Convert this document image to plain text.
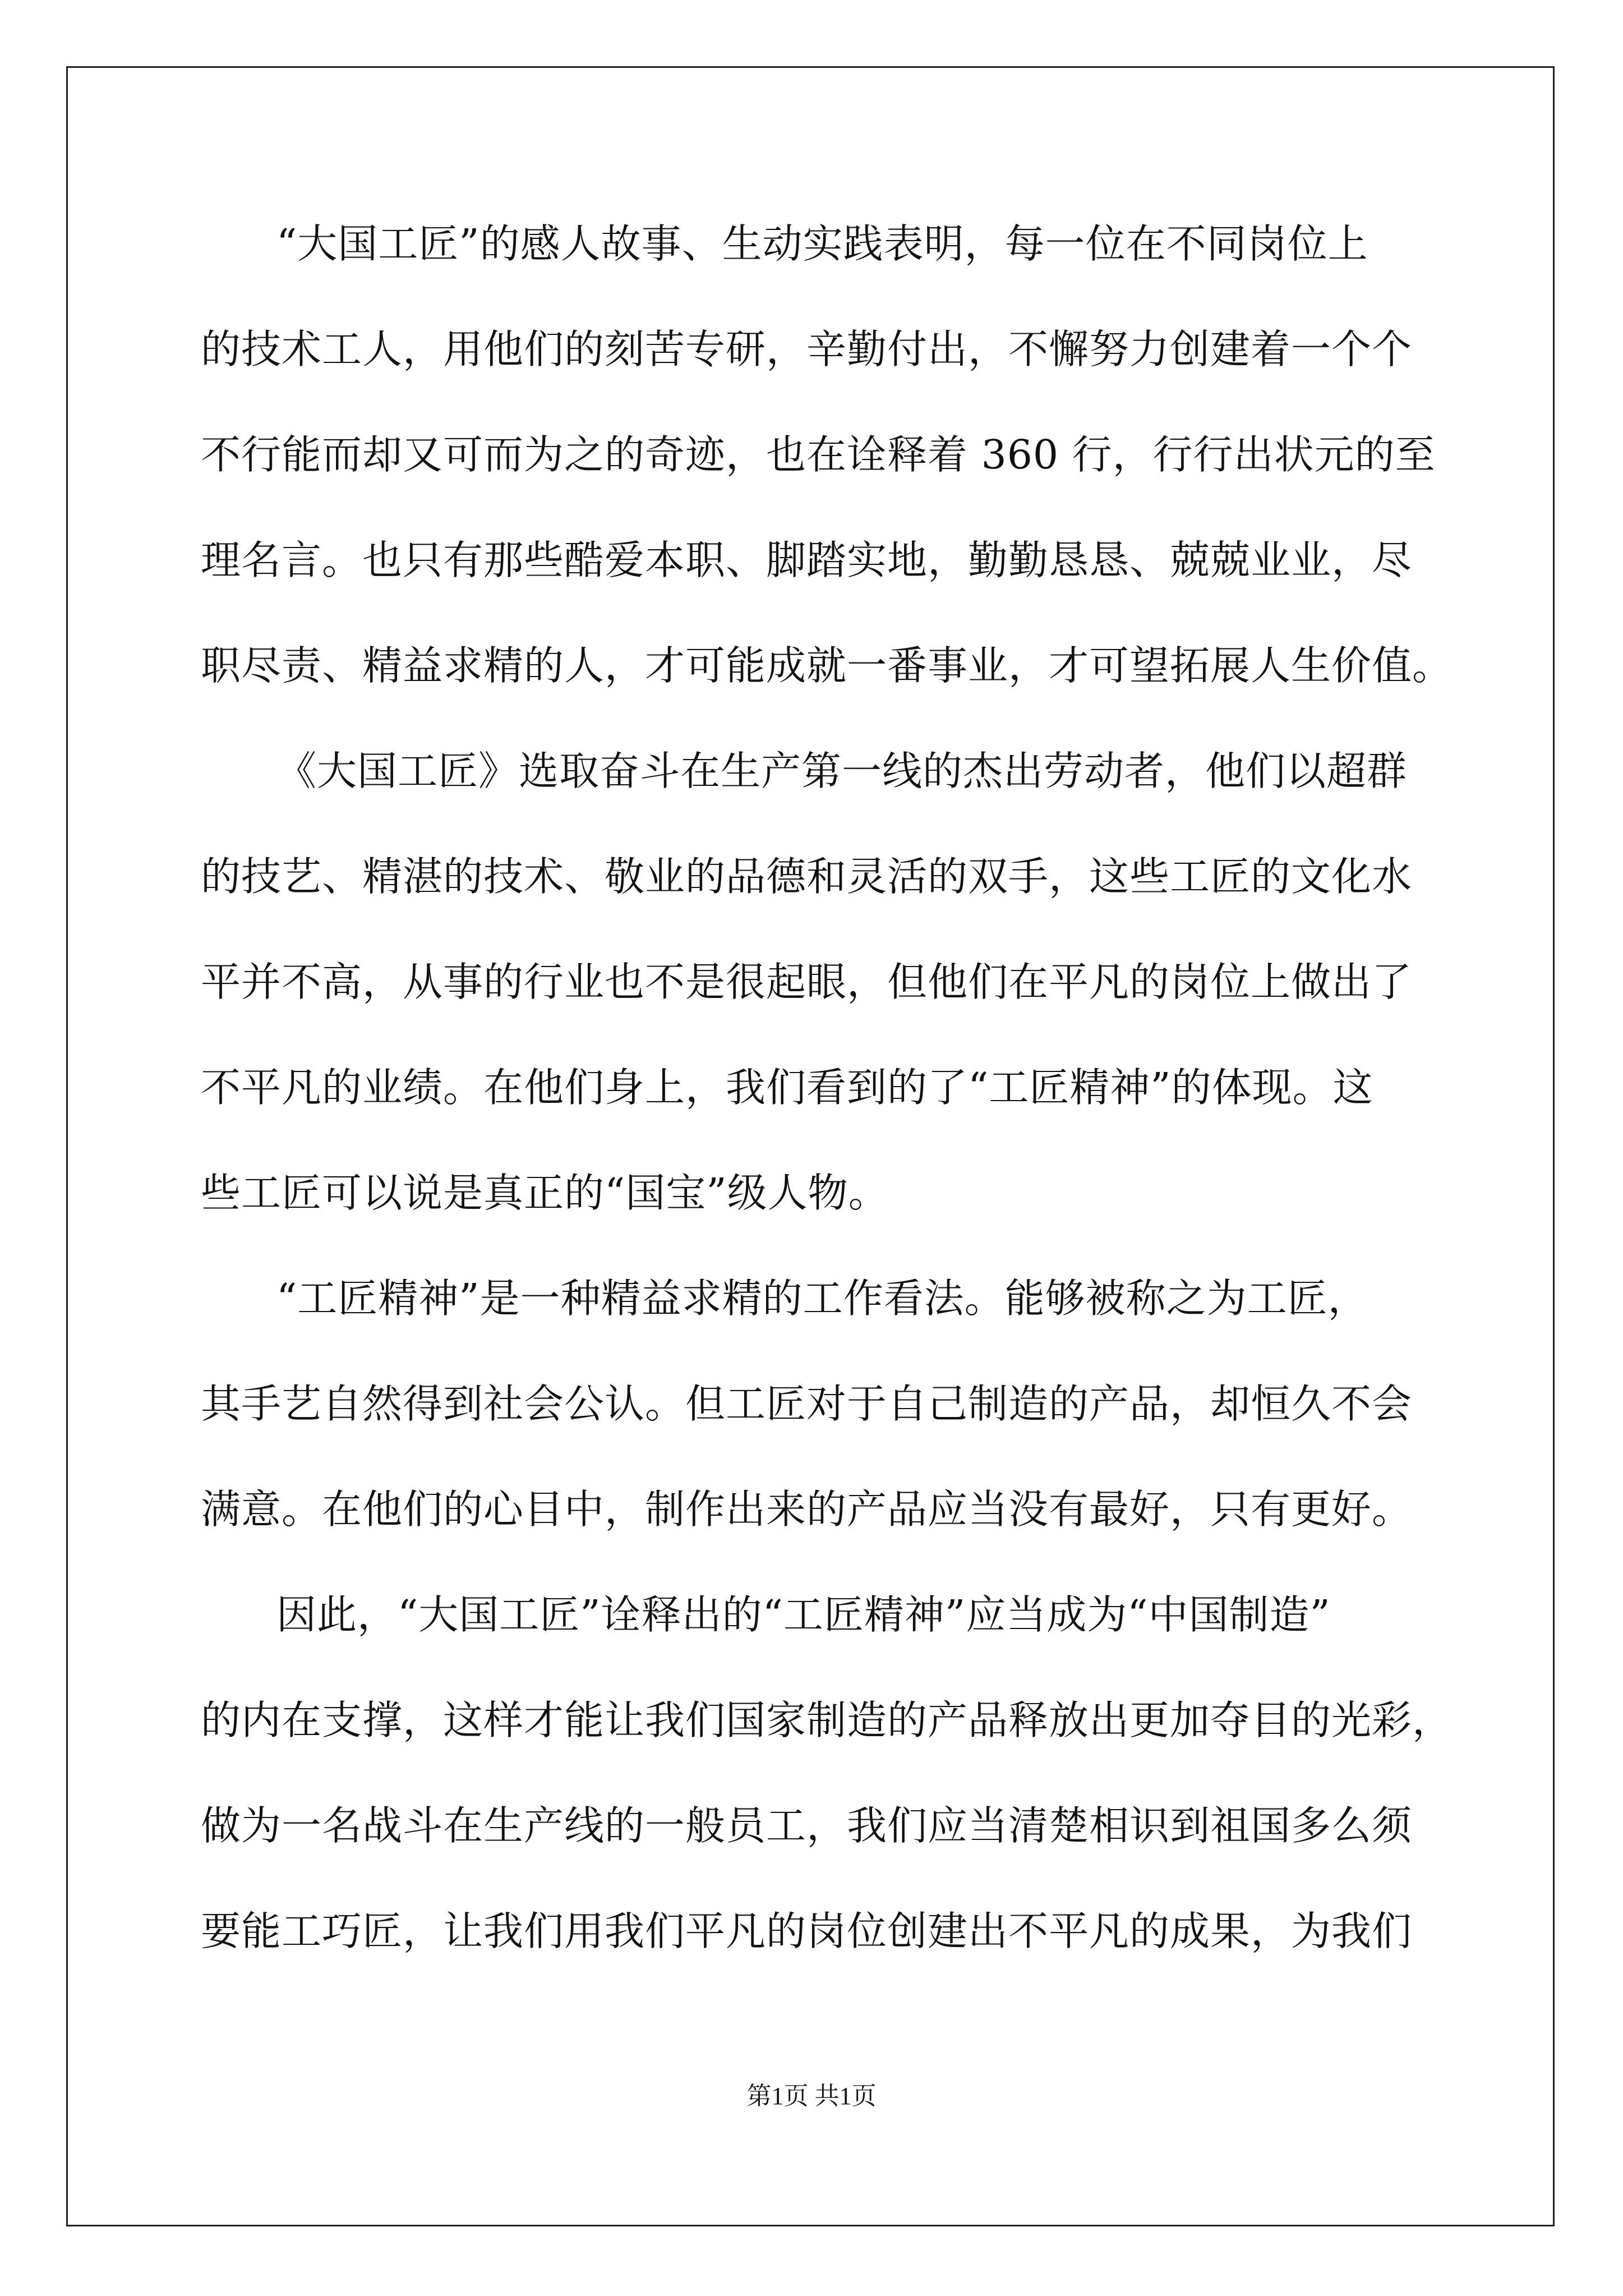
“大国工匠”的感人故事、生动实践表明，每一位在不同岗位上
的技术工人，用他们的刻苦专研，辛勤付出，不懈努力创建着一个个
不行能而却又可而为之的奇迹，也在诠释着 360 行，行行出状元的至
理名言。也只有那些酷爱本职、脚踏实地，勤勤恳恳、兢兢业业，尽
职尽责、精益求精的人，才可能成就一番事业，才可望拓展人生价值。
《大国工匠》选取奋斗在生产第一线的杰出劳动者，他们以超群
的技艺、精湛的技术、敬业的品德和灵活的双手，这些工匠的文化水
平并不高，从事的行业也不是很起眼，但他们在平凡的岗位上做出了
不平凡的业绩。在他们身上，我们看到的了“工匠精神”的体现。这
些工匠可以说是真正的“国宝”级人物。
“工匠精神”是一种精益求精的工作看法。能够被称之为工匠，
其手艺自然得到社会公认。但工匠对于自己制造的产品，却恒久不会
满意。在他们的心目中，制作出来的产品应当没有最好，只有更好。
因此，“大国工匠”诠释出的“工匠精神”应当成为“中国制造”
的内在支撑，这样才能让我们国家制造的产品释放出更加夺目的光彩，
做为一名战斗在生产线的一般员工，我们应当清楚相识到祖国多么须
要能工巧匠，让我们用我们平凡的岗位创建出不平凡的成果，为我们
第1页 共1页
